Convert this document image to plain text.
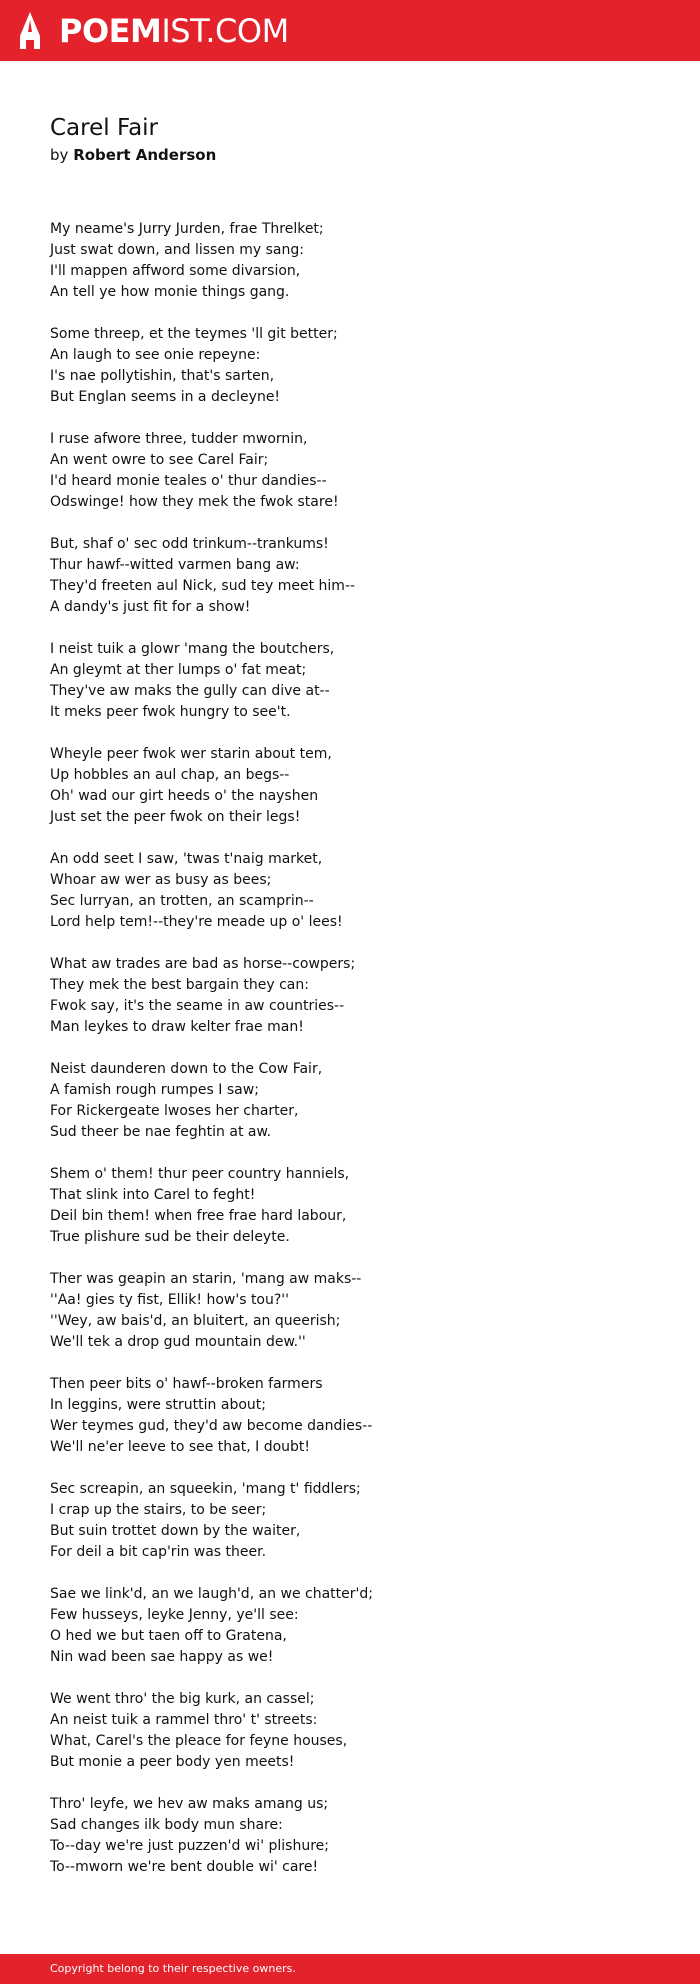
POEMIST.COM
Carel Fair

by Robert Anderson

My neame's Jurry Jurden, frae Threlket;
Just swat down, and lissen my sang:
I'll mappen affword some divarsion,
An tell ye how monie things gang.
Some threep, et the teymes 'll git better;
An laugh to see onie repeyne:
I's nae pollytishin, that's sarten,
But Englan seems in a decleyne!
I ruse afwore three, tudder mwornin,
An went owre to see Carel Fair;
I'd heard monie teales o' thur dandies--
Odswinge! how they mek the fwok stare!
But, shaf o' sec odd trinkum--trankums!
Thur hawf--witted varmen bang aw:
They'd freeten aul Nick, sud tey meet him--
A dandy's just fit for a show!
I neist tuik a glowr 'mang the boutchers,
An gleymt at ther lumps o' fat meat;
They've aw maks the gully can dive at--
It meks peer fwok hungry to see't.
Wheyle peer fwok wer starin about tem,
Up hobbles an aul chap, an begs--
Oh' wad our girt heeds o' the nayshen
Just set the peer fwok on their legs!
An odd seet I saw, 'twas t'naig market,
Whoar aw wer as busy as bees;
Sec lurryan, an trotten, an scamprin--
Lord help tem!--they're meade up o' lees!
What aw trades are bad as horse--cowpers;
They mek the best bargain they can:
Fwok say, it's the seame in aw countries--
Man leykes to draw kelter frae man!
Neist daunderen down to the Cow Fair,
A famish rough rumpes I saw;
For Rickergeate lwoses her charter,
Sud theer be nae feghtin at aw.
Shem o' them! thur peer country hanniels,
That slink into Carel to feght!
Deil bin them! when free frae hard labour,
True plishure sud be their deleyte.
Ther was geapin an starin, 'mang aw maks--
''Aa! gies ty fist, Ellik! how's tou?''
''Wey, aw bais'd, an bluitert, an queerish;
We'll tek a drop gud mountain dew.''
Then peer bits o' hawf--broken farmers
In leggins, were struttin about;
Wer teymes gud, they'd aw become dandies--
We'll ne'er leeve to see that, I doubt!
Sec screapin, an squeekin, 'mang t' fiddlers;
I crap up the stairs, to be seer;
But suin trottet down by the waiter,
For deil a bit cap'rin was theer.
Sae we link'd, an we laugh'd, an we chatter'd;
Few husseys, leyke Jenny, ye'll see:
O hed we but taen off to Gratena,
Nin wad been sae happy as we!
We went thro' the big kurk, an cassel;
An neist tuik a rammel thro' t' streets:
What, Carel's the pleace for feyne houses,
But monie a peer body yen meets!
Thro' leyfe, we hev aw maks amang us;
Sad changes ilk body mun share:
To--day we're just puzzen'd wi' plishure;
To--mworn we're bent double wi' care!
Copyright belong to their respective owners.
